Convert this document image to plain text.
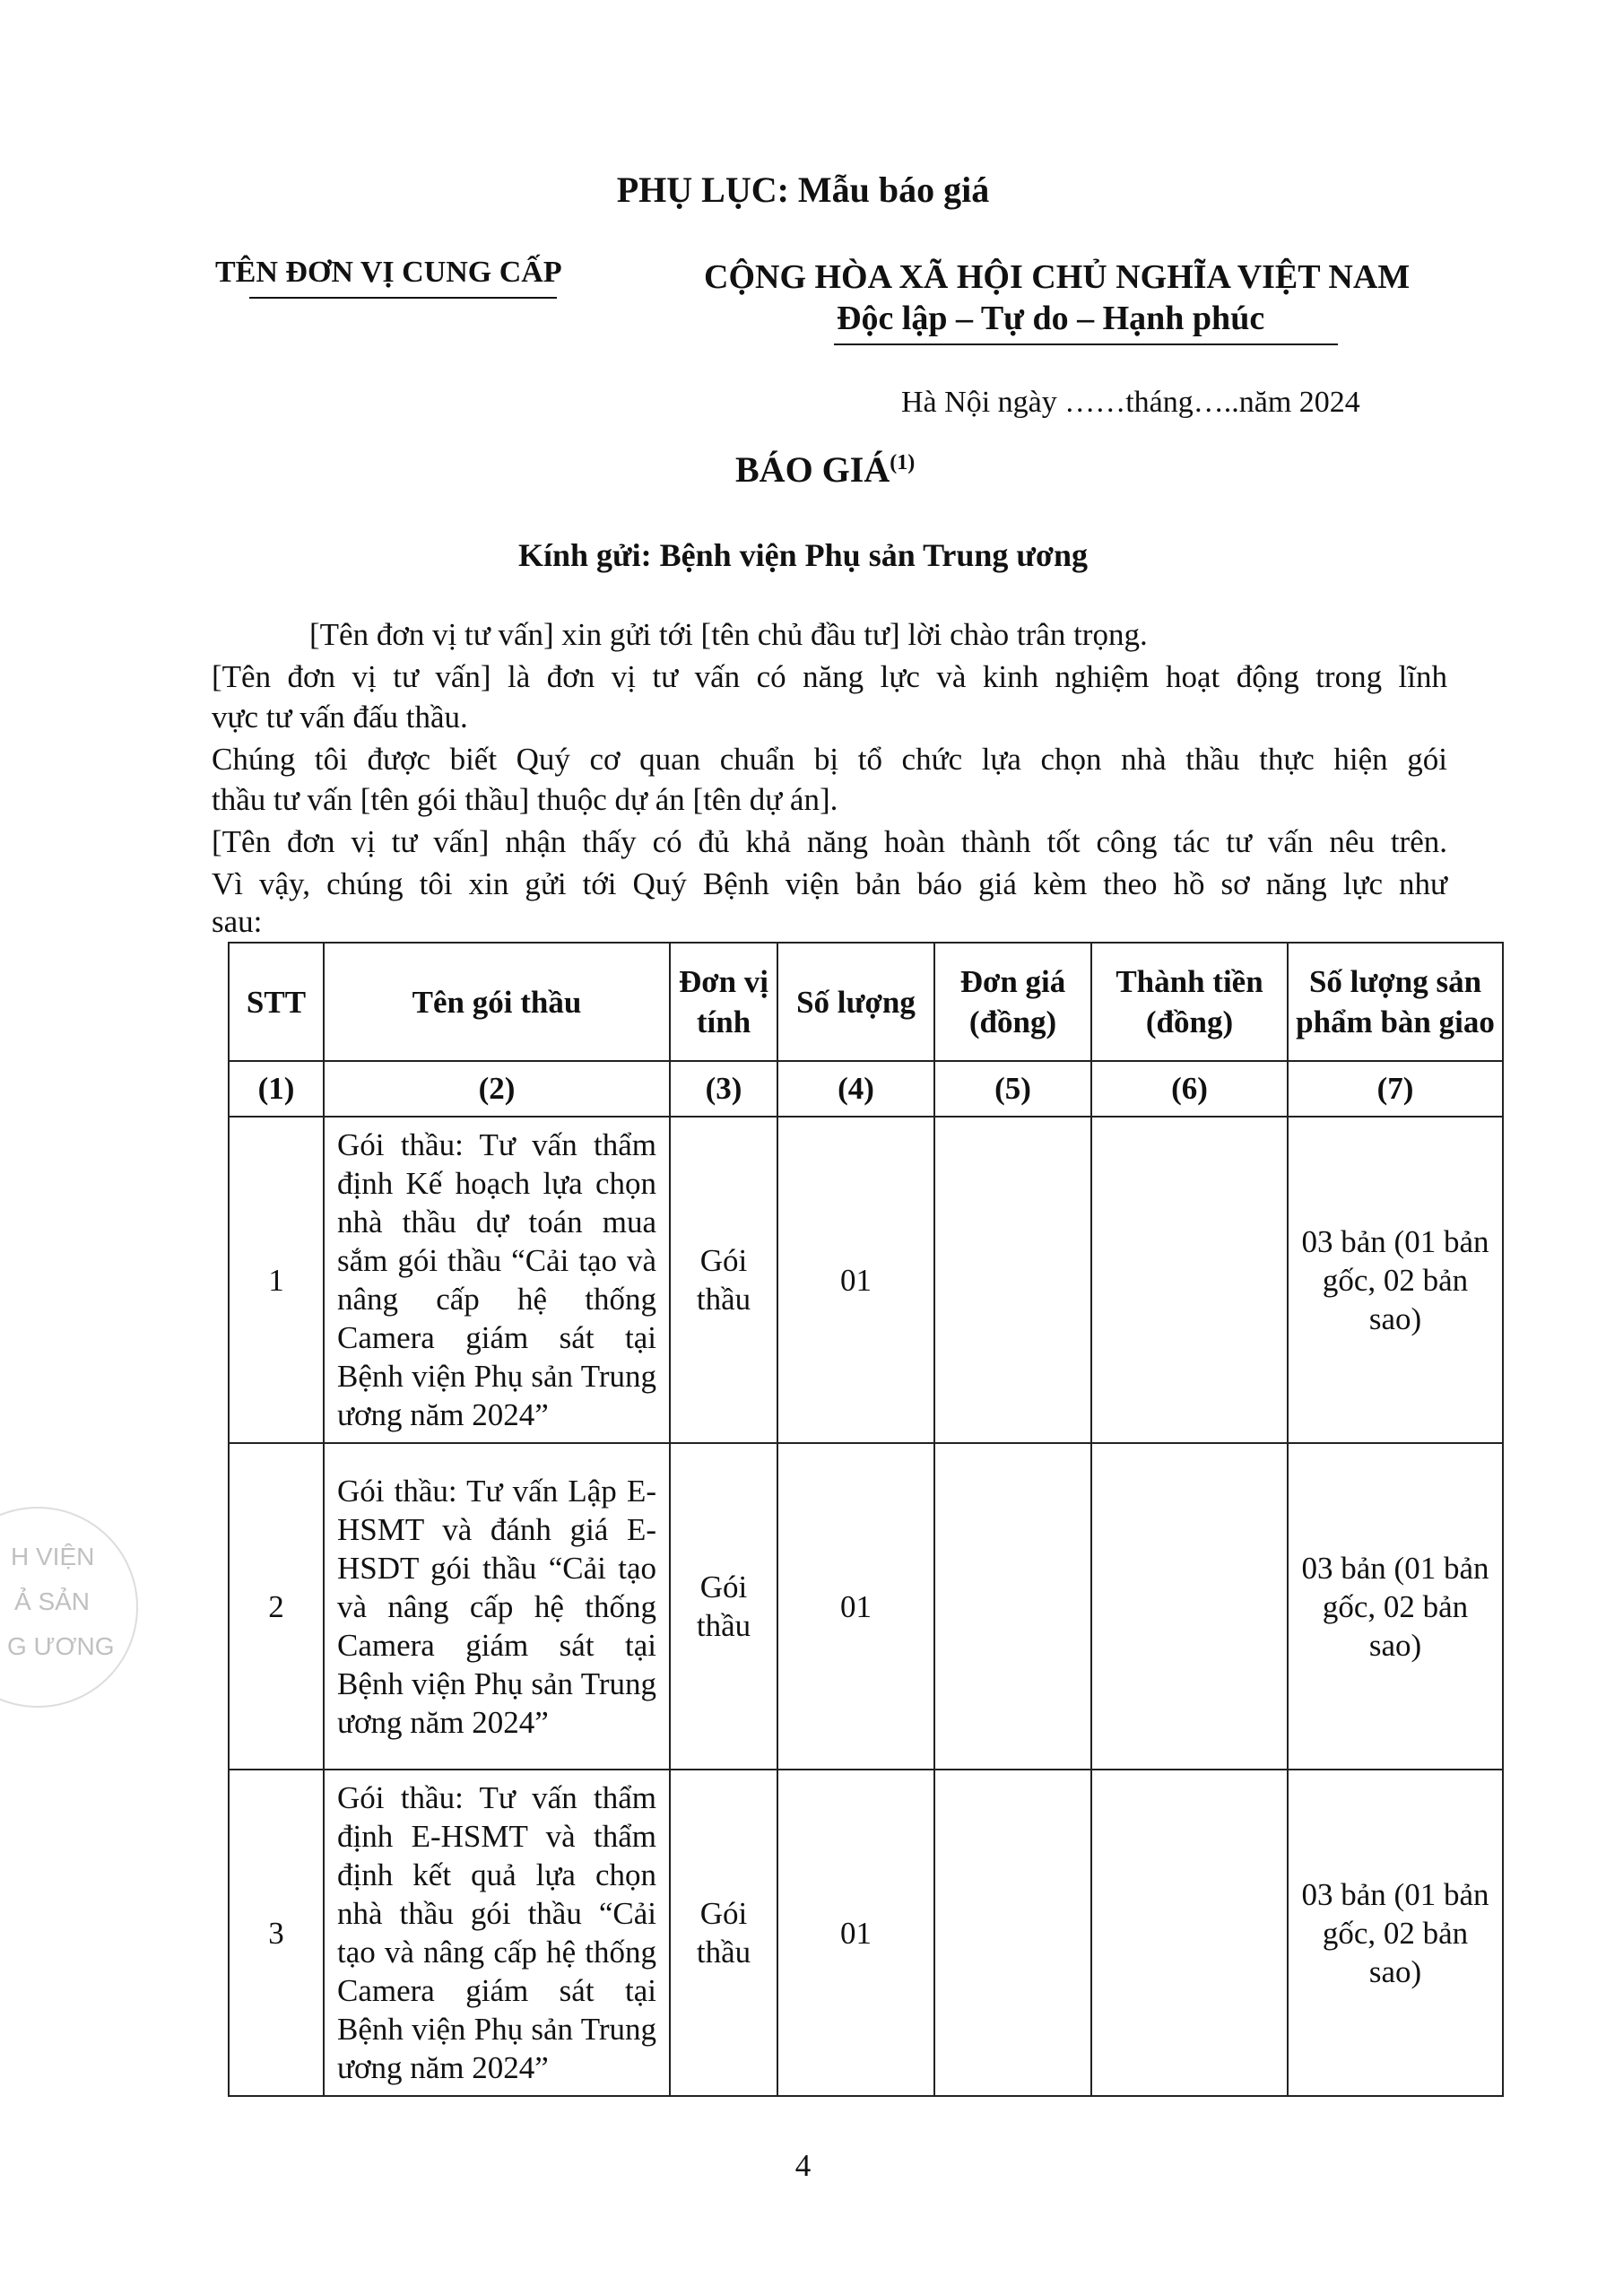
PHỤ LỤC: Mẫu báo giá
TÊN ĐƠN VỊ CUNG CẤP	CỘNG HÒA XÃ HỘI CHỦ NGHĨA VIỆT NAM
Độc lập – Tự do – Hạnh phúc
Hà Nội ngày ……tháng…..năm 2024
BÁO GIÁ$^{(1)}$
Kính gửi: Bệnh viện Phụ sản Trung ương
[Tên đơn vị tư vấn] xin gửi tới [tên chủ đầu tư] lời chào trân trọng.
[Tên đơn vị tư vấn] là đơn vị tư vấn có năng lực và kinh nghiệm hoạt động trong lĩnh
vực tư vấn đấu thầu.
Chúng tôi được biết Quý cơ quan chuẩn bị tổ chức lựa chọn nhà thầu thực hiện gói
thầu tư vấn [tên gói thầu] thuộc dự án [tên dự án].
[Tên đơn vị tư vấn] nhận thấy có đủ khả năng hoàn thành tốt công tác tư vấn nêu trên.
Vì vậy, chúng tôi xin gửi tới Quý Bệnh viện bản báo giá kèm theo hồ sơ năng lực như
sau:
STT	Tên gói thầu	Đơn vị tính	Số lượng	Đơn giá (đồng)	Thành tiền (đồng)	Số lượng sản phẩm bàn giao
(1)	(2)	(3)	(4)	(5)	(6)	(7)
1	Gói thầu: Tư vấn thẩm định Kế hoạch lựa chọn nhà thầu dự toán mua sắm gói thầu “Cải tạo và nâng cấp hệ thống Camera giám sát tại Bệnh viện Phụ sản Trung ương năm 2024”	Gói thầu	01			03 bản (01 bản gốc, 02 bản sao)
2	Gói thầu: Tư vấn Lập E-HSMT và đánh giá E-HSDT gói thầu “Cải tạo và nâng cấp hệ thống Camera giám sát tại Bệnh viện Phụ sản Trung ương năm 2024”	Gói thầu	01			03 bản (01 bản gốc, 02 bản sao)
3	Gói thầu: Tư vấn thẩm định E-HSMT và thẩm định kết quả lựa chọn nhà thầu gói thầu “Cải tạo và nâng cấp hệ thống Camera giám sát tại Bệnh viện Phụ sản Trung ương năm 2024”	Gói thầu	01			03 bản (01 bản gốc, 02 bản sao)
H VIỆN
Ả SẢN
G ƯƠNG
4
